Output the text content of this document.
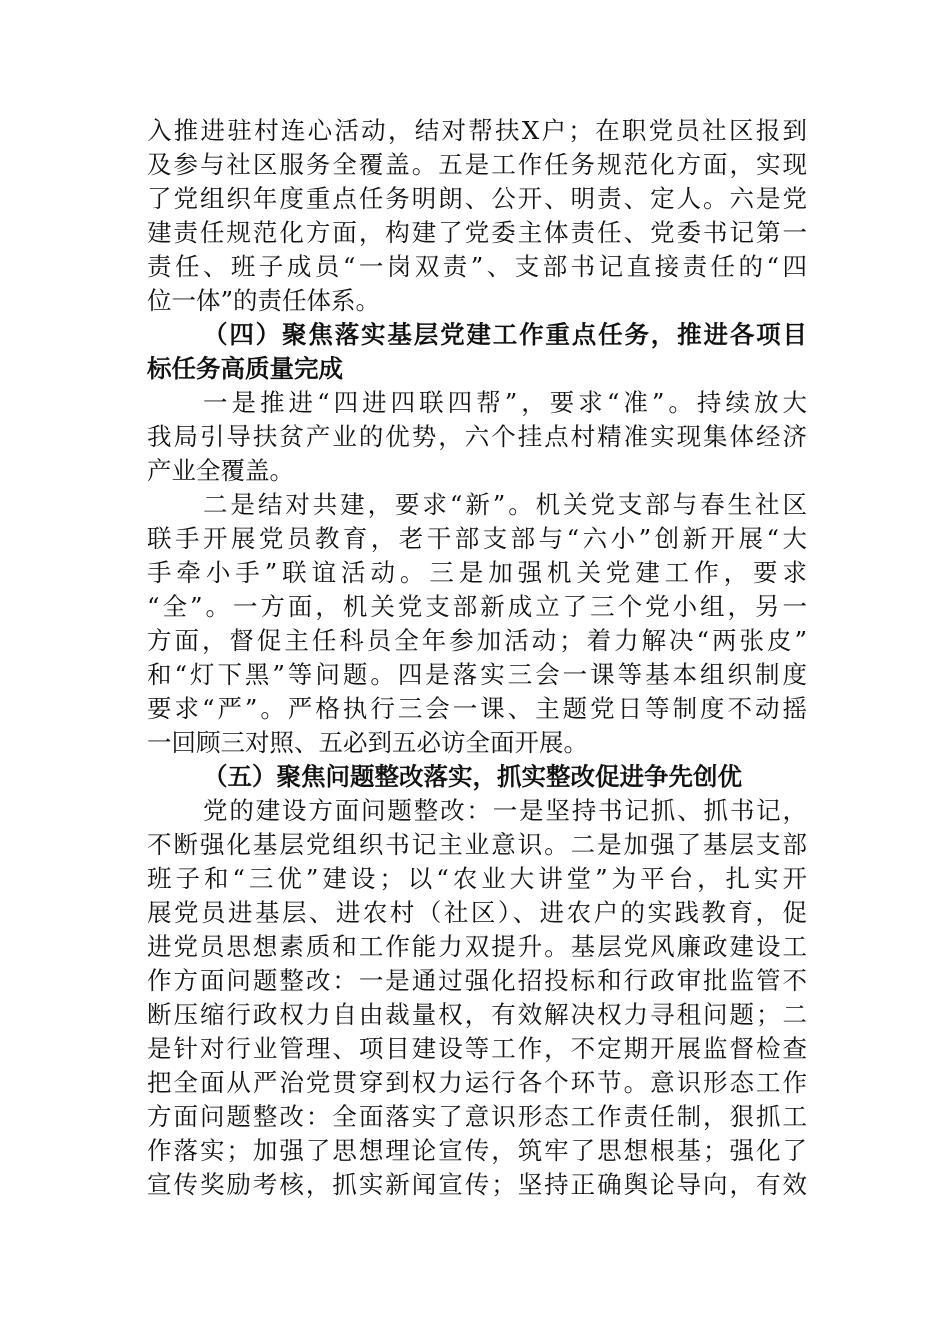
入推进驻村连心活动，结对帮扶X户；在职党员社区报到
及参与社区服务全覆盖。五是工作任务规范化方面，实现
了党组织年度重点任务明朗、公开、明责、定人。六是党
建责任规范化方面，构建了党委主体责任、党委书记第一
责任、班子成员“一岗双责”、支部书记直接责任的“四
位一体”的责任体系。
（四）聚焦落实基层党建工作重点任务，推进各项目
标任务高质量完成
一是推进“四进四联四帮”，要求“准”。持续放大
我局引导扶贫产业的优势，六个挂点村精准实现集体经济
产业全覆盖。
二是结对共建，要求“新”。机关党支部与春生社区
联手开展党员教育，老干部支部与“六小”创新开展“大
手牵小手”联谊活动。三是加强机关党建工作，要求
“全”。一方面，机关党支部新成立了三个党小组，另一
方面，督促主任科员全年参加活动；着力解决“两张皮”
和“灯下黑”等问题。四是落实三会一课等基本组织制度
要求“严”。严格执行三会一课、主题党日等制度不动摇
一回顾三对照、五必到五必访全面开展。
（五）聚焦问题整改落实，抓实整改促进争先创优
党的建设方面问题整改：一是坚持书记抓、抓书记，
不断强化基层党组织书记主业意识。二是加强了基层支部
班子和“三优”建设；以“农业大讲堂”为平台，扎实开
展党员进基层、进农村（社区）、进农户的实践教育，促
进党员思想素质和工作能力双提升。基层党风廉政建设工
作方面问题整改：一是通过强化招投标和行政审批监管不
断压缩行政权力自由裁量权，有效解决权力寻租问题；二
是针对行业管理、项目建设等工作，不定期开展监督检查
把全面从严治党贯穿到权力运行各个环节。意识形态工作
方面问题整改：全面落实了意识形态工作责任制，狠抓工
作落实；加强了思想理论宣传，筑牢了思想根基；强化了
宣传奖励考核，抓实新闻宣传；坚持正确舆论导向，有效
